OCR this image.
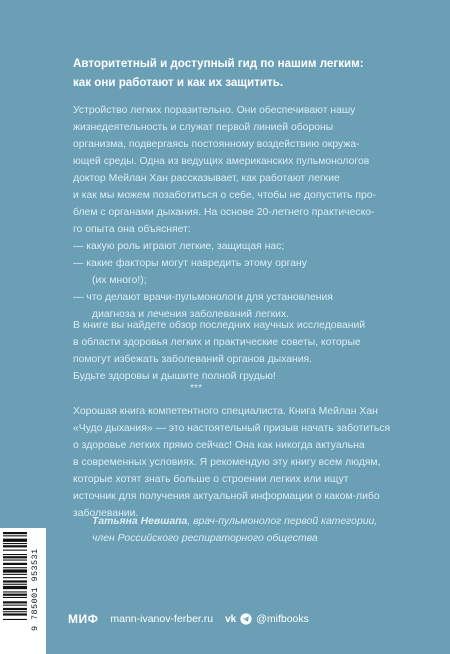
Авторитетный и доступный гид по нашим легким:
как они работают и как их защитить.
Устройство легких поразительно. Они обеспечивают нашу
жизнедеятельность и служат первой линией обороны
организма, подвергаясь постоянному воздействию окружа-
ющей среды. Одна из ведущих американских пульмонологов
доктор Мейлан Хан рассказывает, как работают легкие
и как мы можем позаботиться о себе, чтобы не допустить про-
блем с органами дыхания. На основе 20-летнего практическо-
го опыта она объясняет:
— какую роль играют легкие, защищая нас;
— какие факторы могут навредить этому органу
(их много!);
— что делают врачи-пульмонологи для установления
диагноза и лечения заболеваний легких.
В книге вы найдете обзор последних научных исследований
в области здоровья легких и практические советы, которые
помогут избежать заболеваний органов дыхания.
Будьте здоровы и дышите полной грудью!
***
Хорошая книга компетентного специалиста. Книга Мейлан Хан
«Чудо дыхания» — это настоятельный призыв начать заботиться
о здоровье легких прямо сейчас! Она как никогда актуальна
в современных условиях. Я рекомендую эту книгу всем людям,
которые хотят знать больше о строении легких или ищут
источник для получения актуальной информации о каком-либо
заболевании.
Татьяна Невшапа, врач-пульмонолог первой категории,
член Российского респираторного общества
9 785001 953531 МИФ mann-ivanov-ferber.ru vk @mifbooks
